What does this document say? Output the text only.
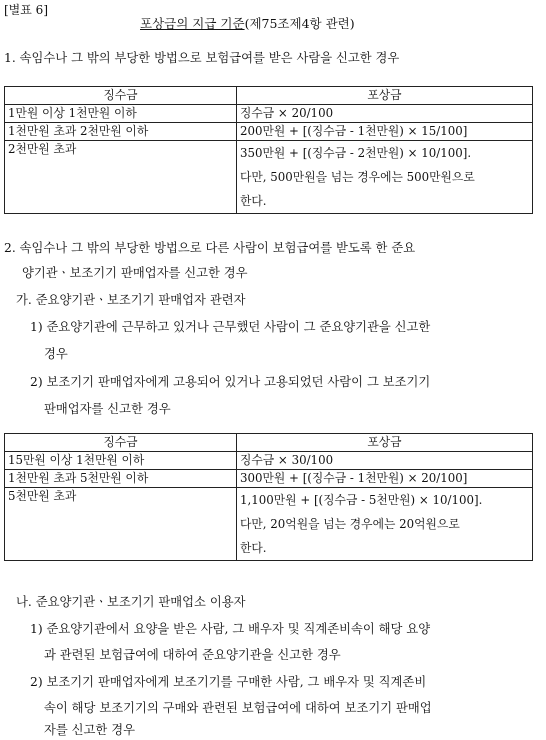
[별표 6]
포상금의 지급 기준(제75조제4항 관련)
1. 속임수나 그 밖의 부당한 방법으로 보험급여를 받은 사람을 신고한 경우
징수금	포상금
1만원 이상 1천만원 이하	징수금 × 20/100
1천만원 초과 2천만원 이하	200만원 + [(징수금 - 1천만원) × 15/100]
2천만원 초과	350만원 + [(징수금 - 2천만원) × 10/100].
다만, 500만원을 넘는 경우에는 500만원으로
한다.
2. 속임수나 그 밖의 부당한 방법으로 다른 사람이 보험급여를 받도록 한 준요
양기관ㆍ보조기기 판매업자를 신고한 경우
가. 준요양기관ㆍ보조기기 판매업자 관련자
1) 준요양기관에 근무하고 있거나 근무했던 사람이 그 준요양기관을 신고한
경우
2) 보조기기 판매업자에게 고용되어 있거나 고용되었던 사람이 그 보조기기
판매업자를 신고한 경우
징수금	포상금
15만원 이상 1천만원 이하	징수금 × 30/100
1천만원 초과 5천만원 이하	300만원 + [(징수금 - 1천만원) × 20/100]
5천만원 초과	1,100만원 + [(징수금 - 5천만원) × 10/100].
다만, 20억원을 넘는 경우에는 20억원으로
한다.
나. 준요양기관ㆍ보조기기 판매업소 이용자
1) 준요양기관에서 요양을 받은 사람, 그 배우자 및 직계존비속이 해당 요양
과 관련된 보험급여에 대하여 준요양기관을 신고한 경우
2) 보조기기 판매업자에게 보조기기를 구매한 사람, 그 배우자 및 직계존비
속이 해당 보조기기의 구매와 관련된 보험급여에 대하여 보조기기 판매업
자를 신고한 경우
